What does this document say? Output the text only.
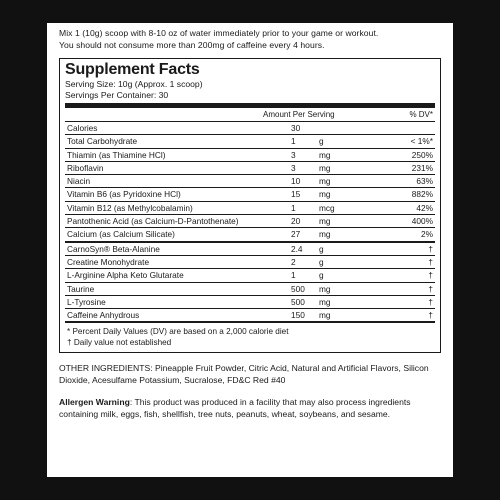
Mix 1 (10g) scoop with 8-10 oz of water immediately prior to your game or workout.
You should not consume more than 200mg of caffeine every 4 hours.
Supplement Facts
Serving Size: 10g (Approx. 1 scoop)
Servings Per Container: 30
Amount Per Serving	% DV*
Calories	30
Total Carbohydrate	1	g	< 1%*
Thiamin (as Thiamine HCl)	3	mg	250%
Riboflavin	3	mg	231%
Niacin	10 mg	63%
Vitamin B6 (as Pyridoxine HCl)	15 mg	882%
Vitamin B12 (as Methylcobalamin)	1	mcg	42%
Pantothenic Acid (as Calcium-D-Pantothenate)	20 mg	400%
Calcium (as Calcium Silicate)	27 mg	2%
CarnoSyn® Beta-Alanine	2.4 g	†
Creatine Monohydrate	2	g	†
L-Arginine Alpha Keto Glutarate	1	g	†
Taurine	500 mg	†
L-Tyrosine	500 mg	†
Caffeine Anhydrous	150 mg	†
* Percent Daily Values (DV) are based on a 2,000 calorie diet
† Daily value not established
OTHER INGREDIENTS: Pineapple Fruit Powder, Citric Acid, Natural and Artificial Flavors, Silicon Dioxide, Acesulfame Potassium, Sucralose, FD&C Red #40
Allergen Warning: This product was produced in a facility that may also process ingredients containing milk, eggs, fish, shellfish, tree nuts, peanuts, wheat, soybeans, and sesame.
